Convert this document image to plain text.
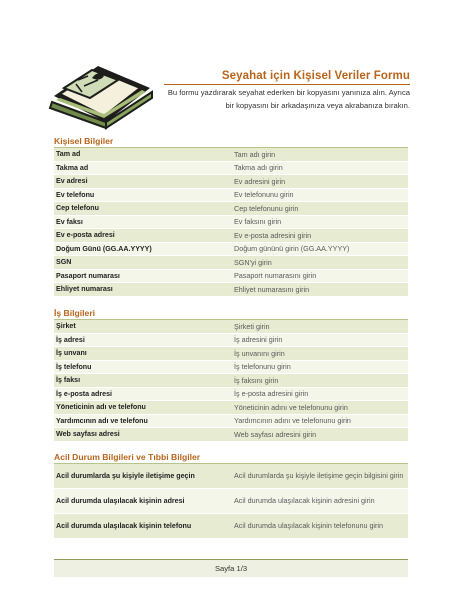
Seyahat için Kişisel Veriler Formu
Bu formu yazdırarak seyahat ederken bir kopyasını yanınıza alın. Ayrıca bir kopyasını bir arkadaşınıza veya akrabanıza bırakın.
Kişisel Bilgiler
Tam ad	Tam adı girin
Takma ad	Takma adı girin
Ev adresi	Ev adresini girin
Ev telefonu	Ev telefonunu girin
Cep telefonu	Cep telefonunu girin
Ev faksı	Ev faksını girin
Ev e-posta adresi	Ev e-posta adresini girin
Doğum Günü (GG.AA.YYYY)	Doğum gününü girin (GG.AA.YYYY)
SGN	SGN'yi girin
Pasaport numarası	Pasaport numarasını girin
Ehliyet numarası	Ehliyet numarasını girin
İş Bilgileri
Şirket	Şirketi girin
İş adresi	İş adresini girin
İş unvanı	İş unvanını girin
İş telefonu	İş telefonunu girin
İş faksı	İş faksını girin
İş e-posta adresi	İş e-posta adresini girin
Yöneticinin adı ve telefonu	Yöneticinin adını ve telefonunu girin
Yardımcının adı ve telefonu	Yardımcının adını ve telefonunu girin
Web sayfası adresi	Web sayfası adresini girin
Acil Durum Bilgileri ve Tıbbi Bilgiler
Acil durumlarda şu kişiyle iletişime geçin	Acil durumlarda şu kişiyle iletişime geçin bilgisini girin
Acil durumda ulaşılacak kişinin adresi	Acil durumda ulaşılacak kişinin adresini girin
Acil durumda ulaşılacak kişinin telefonu	Acil durumda ulaşılacak kişinin telefonunu girin
Sayfa 1/3
